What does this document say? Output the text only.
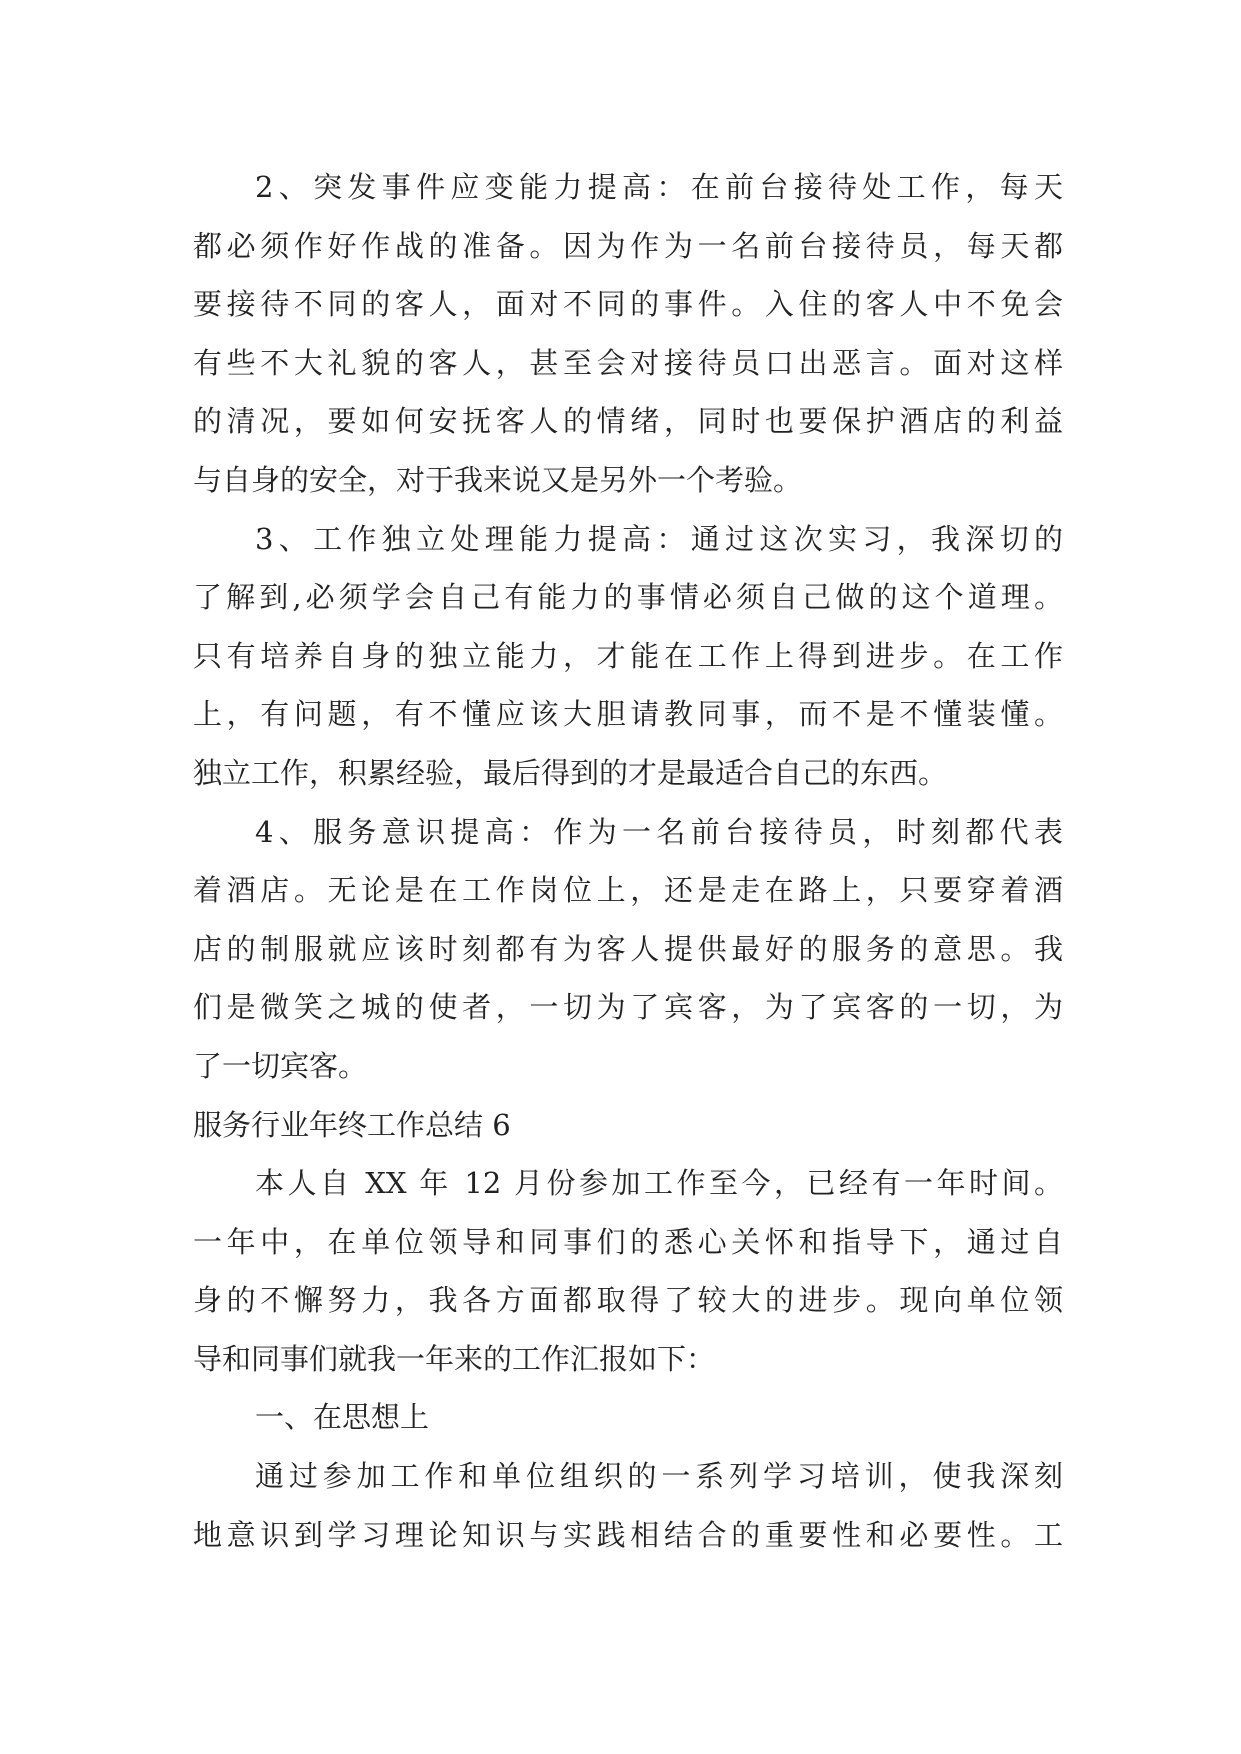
2、突发事件应变能力提高：在前台接待处工作，每天
都必须作好作战的准备。因为作为一名前台接待员，每天都
要接待不同的客人，面对不同的事件。入住的客人中不免会
有些不大礼貌的客人，甚至会对接待员口出恶言。面对这样
的清况，要如何安抚客人的情绪，同时也要保护酒店的利益
与自身的安全，对于我来说又是另外一个考验。
3、工作独立处理能力提高：通过这次实习，我深切的
了解到,必须学会自己有能力的事情必须自己做的这个道理。
只有培养自身的独立能力，才能在工作上得到进步。在工作
上，有问题，有不懂应该大胆请教同事，而不是不懂装懂。
独立工作，积累经验，最后得到的才是最适合自己的东西。
4、服务意识提高：作为一名前台接待员，时刻都代表
着酒店。无论是在工作岗位上，还是走在路上，只要穿着酒
店的制服就应该时刻都有为客人提供最好的服务的意思。我
们是微笑之城的使者，一切为了宾客，为了宾客的一切，为
了一切宾客。
服务行业年终工作总结 6
本人自 XX 年 12 月份参加工作至今，已经有一年时间。
一年中，在单位领导和同事们的悉心关怀和指导下，通过自
身的不懈努力，我各方面都取得了较大的进步。现向单位领
导和同事们就我一年来的工作汇报如下：
一、在思想上
通过参加工作和单位组织的一系列学习培训，使我深刻
地意识到学习理论知识与实践相结合的重要性和必要性。工
